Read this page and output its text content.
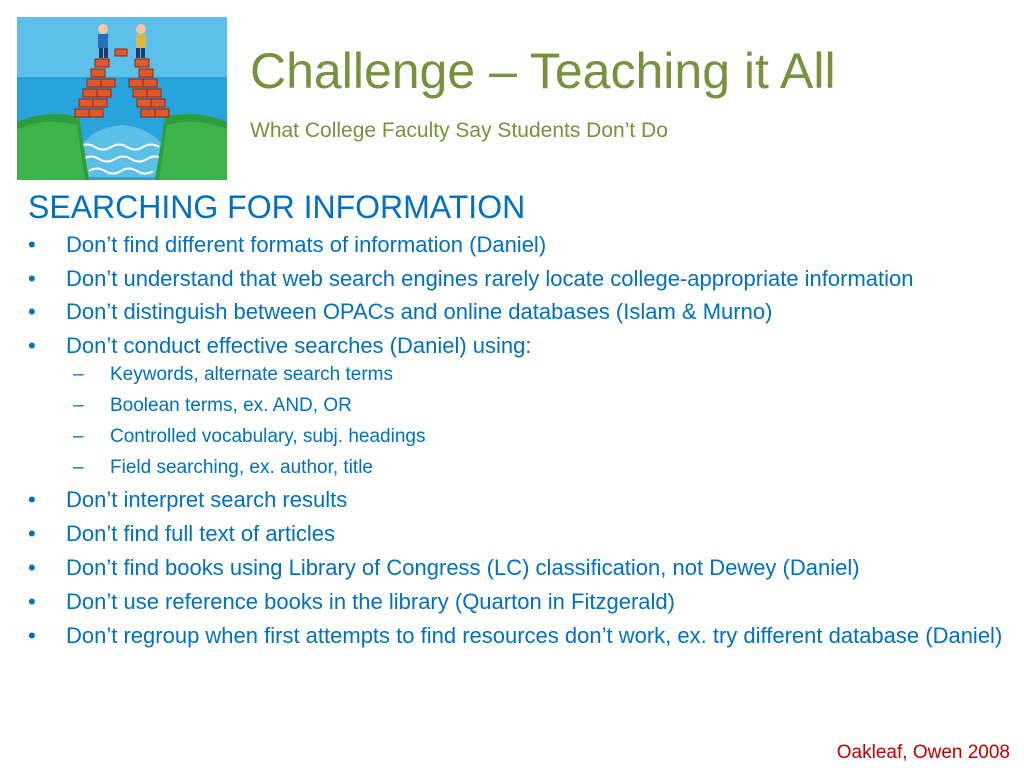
Challenge – Teaching it All
What College Faculty Say Students Don’t Do
SEARCHING FOR INFORMATION
•	Don’t find different formats of information (Daniel)
•	Don’t understand that web search engines rarely locate college-appropriate information
•	Don’t distinguish between OPACs and online databases (Islam & Murno)
•	Don’t conduct effective searches (Daniel) using:
– Keywords, alternate search terms
– Boolean terms, ex. AND, OR
– Controlled vocabulary, subj. headings
– Field searching, ex. author, title
•	Don’t interpret search results
•	Don’t find full text of articles
•	Don’t find books using Library of Congress (LC) classification, not Dewey (Daniel)
•	Don’t use reference books in the library (Quarton in Fitzgerald)
•	Don’t regroup when first attempts to find resources don’t work, ex. try different database (Daniel)
Oakleaf, Owen 2008
